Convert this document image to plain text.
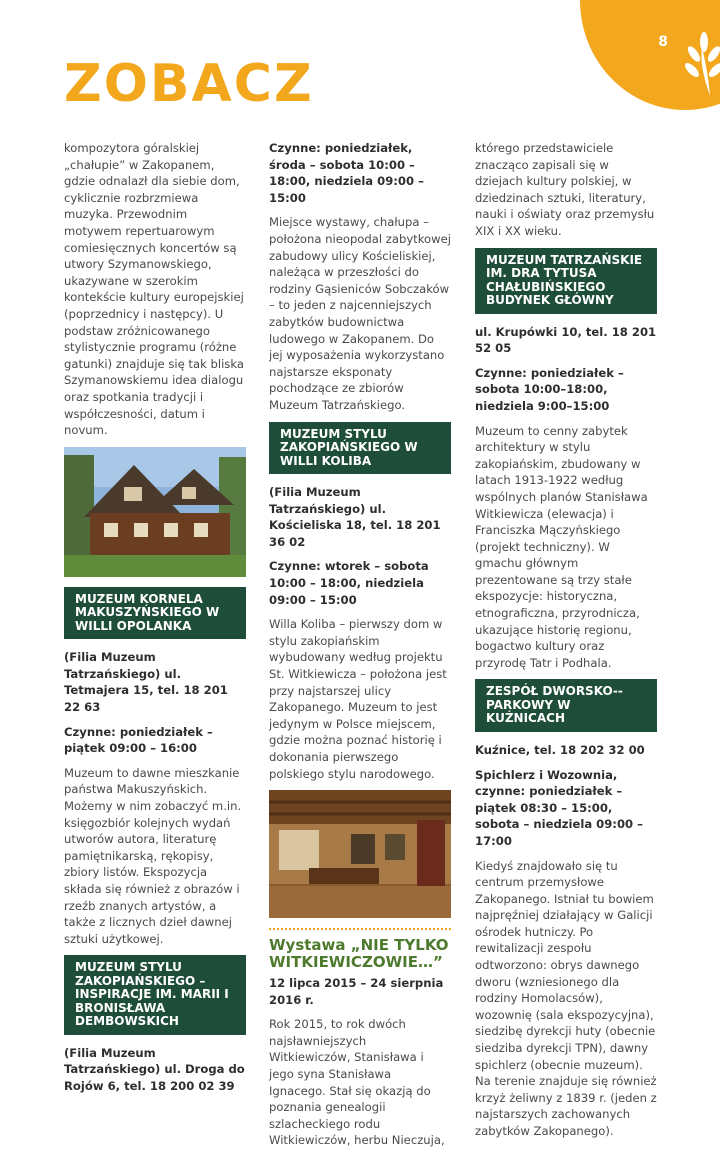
8
ZOBACZ

kompozytora góralskiej „chałupie” w Zakopanem, gdzie odnalazł dla siebie dom, cyklicznie rozbrzmiewa muzyka. Przewodnim motywem repertuarowym comiesięcznych koncertów są utwory Szymanowskiego, ukazywane w szerokim kontekście kultury europejskiej (poprzednicy i następcy). U podstaw zróżnicowanego stylistycznie programu (różne gatunki) znajduje się tak bliska Szymanowskiemu idea dialogu oraz spotkania tradycji i współczesności, datum i novum.

MUZEUM KORNELA MAKUSZYŃSKIEGO W WILLI OPOLANKA

(Filia Muzeum Tatrzańskiego) ul. Tetmajera 15, tel. 18 201 22 63

Czynne: poniedziałek – piątek 09:00 – 16:00

Muzeum to dawne mieszkanie państwa Makuszyńskich. Możemy w nim zobaczyć m.in. księgozbiór kolejnych wydań utworów autora, literaturę pamiętnikarską, rękopisy, zbiory listów. Ekspozycja składa się również z obrazów i rzeźb znanych artystów, a także z licznych dzieł dawnej sztuki użytkowej.

MUZEUM STYLU ZAKOPIAŃSKIEGO – INSPIRACJE IM. MARII I BRONISŁAWA DEMBOWSKICH

(Filia Muzeum Tatrzańskiego) ul. Droga do Rojów 6, tel. 18 200 02 39

Czynne: poniedziałek, środa – sobota 10:00 – 18:00, niedziela 09:00 – 15:00

Miejsce wystawy, chałupa – położona nieopodal zabytkowej zabudowy ulicy Kościeliskiej, należąca w przeszłości do rodziny Gąsieniców Sobczaków – to jeden z najcenniejszych zabytków budownictwa ludowego w Zakopanem. Do jej wyposażenia wykorzystano najstarsze eksponaty pochodzące ze zbiorów Muzeum Tatrzańskiego.

MUZEUM STYLU ZAKOPIAŃSKIEGO W WILLI KOLIBA

(Filia Muzeum Tatrzańskiego) ul. Kościeliska 18, tel. 18 201 36 02

Czynne: wtorek – sobota 10:00 – 18:00, niedziela 09:00 – 15:00

Willa Koliba – pierwszy dom w stylu zakopiańskim wybudowany według projektu St. Witkiewicza – położona jest przy najstarszej ulicy Zakopanego. Muzeum to jest jedynym w Polsce miejscem, gdzie można poznać historię i dokonania pierwszego polskiego stylu narodowego.

Wystawa „NIE TYLKO WITKIEWICZOWIE…”

12 lipca 2015 – 24 sierpnia 2016 r.

Rok 2015, to rok dwóch najsławniejszych Witkiewiczów, Stanisława i jego syna Stanisława Ignacego. Stał się okazją do poznania genealogii szlacheckiego rodu Witkiewiczów, herbu Nieczuja,

którego przedstawiciele znacząco zapisali się w dziejach kultury polskiej, w dziedzinach sztuki, literatury, nauki i oświaty oraz przemysłu XIX i XX wieku.

MUZEUM TATRZAŃSKIE IM. DRA TYTUSA CHAŁUBIŃSKIEGO BUDYNEK GŁÓWNY

ul. Krupówki 10, tel. 18 201 52 05

Czynne: poniedziałek – sobota 10:00–18:00, niedziela 9:00–15:00

Muzeum to cenny zabytek architektury w stylu zakopiańskim, zbudowany w latach 1913-1922 według wspólnych planów Stanisława Witkiewicza (elewacja) i Franciszka Mączyńskiego (projekt techniczny). W gmachu głównym prezentowane są trzy stałe ekspozycje: historyczna, etnograficzna, przyrodnicza, ukazujące historię regionu, bogactwo kultury oraz przyrodę Tatr i Podhala.

ZESPÓŁ DWORSKO--PARKOWY W KUŹNICACH

Kuźnice, tel. 18 202 32 00

Spichlerz i Wozownia, czynne: poniedziałek – piątek 08:30 – 15:00, sobota – niedziela 09:00 – 17:00

Kiedyś znajdowało się tu centrum przemysłowe Zakopanego. Istniał tu bowiem najpręźniej działający w Galicji ośrodek hutniczy. Po rewitalizacji zespołu odtworzono: obrys dawnego dworu (wzniesionego dla rodziny Homolacsów), wozownię (sala ekspozycyjna), siedzibę dyrekcji huty (obecnie siedziba dyrekcji TPN), dawny spichlerz (obecnie muzeum). Na terenie znajduje się również krzyż żeliwny z 1839 r. (jeden z najstarszych zachowanych zabytków Zakopanego).
